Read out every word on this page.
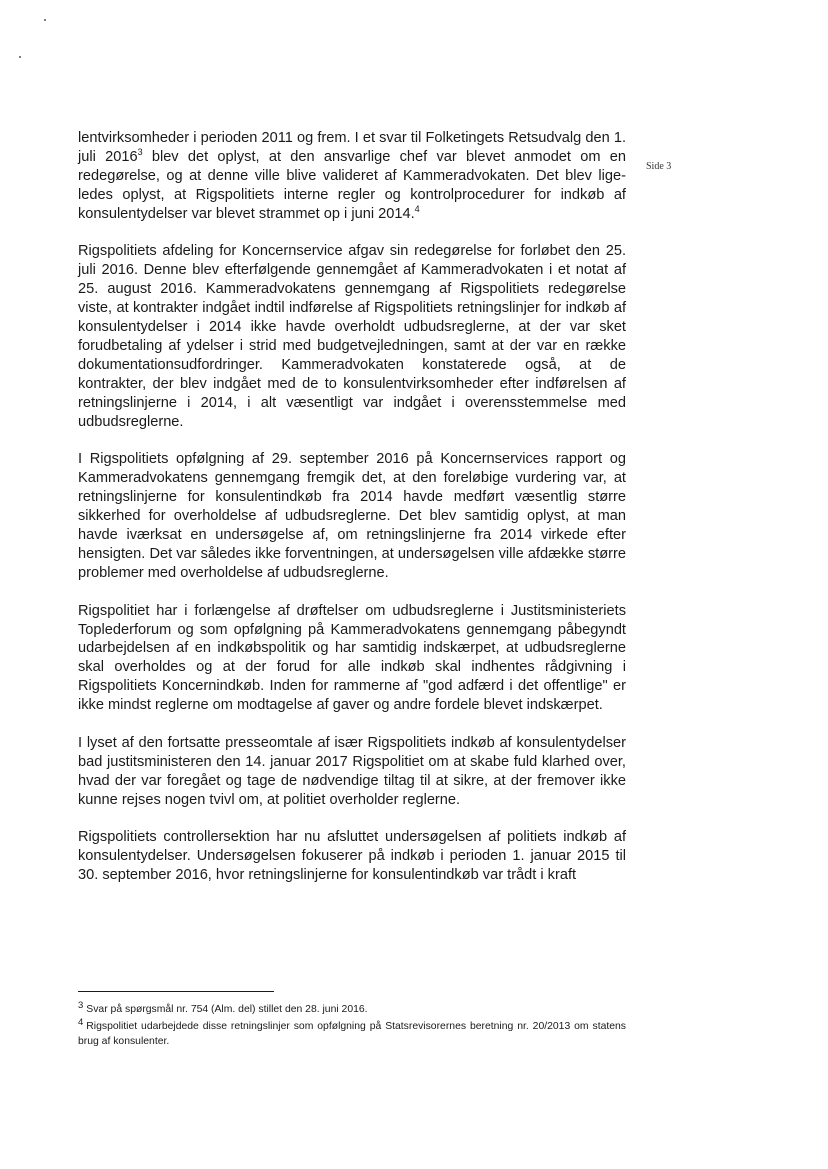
Side 3

lentvirksomheder i perioden 2011 og frem. I et svar til Folketingets Retsudvalg den 1. juli 2016$^3$ blev det oplyst, at den ansvarlige chef var blevet anmodet om en redegørelse, og at denne ville blive valideret af Kammeradvokaten. Det blev ligeledes oplyst, at Rigspolitiets interne regler og kontrolprocedurer for indkøb af konsulentydelser var blevet strammet op i juni 2014.$^4$

Rigspolitiets afdeling for Koncernservice afgav sin redegørelse for forløbet den 25. juli 2016. Denne blev efterfølgende gennemgået af Kammeradvokaten i et notat af 25. august 2016. Kammeradvokatens gennemgang af Rigspolitiets redegørelse viste, at kontrakter indgået indtil indførelse af Rigspolitiets retningslinjer for indkøb af konsulentydelser i 2014 ikke havde overholdt udbudsreglerne, at der var sket forudbetaling af ydelser i strid med budgetvejledningen, samt at der var en række dokumentationsudfordringer. Kammeradvokaten konstaterede også, at de kontrakter, der blev indgået med de to konsulentvirksomheder efter indførelsen af retningslinjerne i 2014, i alt væsentligt var indgået i overensstemmelse med udbudsreglerne.

I Rigspolitiets opfølgning af 29. september 2016 på Koncernservices rapport og Kammeradvokatens gennemgang fremgik det, at den foreløbige vurdering var, at retningslinjerne for konsulentindkøb fra 2014 havde medført væsentlig større sikkerhed for overholdelse af udbudsreglerne. Det blev samtidig oplyst, at man havde iværksat en undersøgelse af, om retningslinjerne fra 2014 virkede efter hensigten. Det var således ikke forventningen, at undersøgelsen ville afdække større problemer med overholdelse af udbudsreglerne.

Rigspolitiet har i forlængelse af drøftelser om udbudsreglerne i Justitsministeriets Toplederforum og som opfølgning på Kammeradvokatens gennemgang påbegyndt udarbejdelsen af en indkøbspolitik og har samtidig indskærpet, at udbudsreglerne skal overholdes og at der forud for alle indkøb skal indhentes rådgivning i Rigspolitiets Koncernindkøb. Inden for rammerne af "god adfærd i det offentlige" er ikke mindst reglerne om modtagelse af gaver og andre fordele blevet indskærpet.

I lyset af den fortsatte presseomtale af især Rigspolitiets indkøb af konsulentydelser bad justitsministeren den 14. januar 2017 Rigspolitiet om at skabe fuld klarhed over, hvad der var foregået og tage de nødvendige tiltag til at sikre, at der fremover ikke kunne rejses nogen tvivl om, at politiet overholder reglerne.

Rigspolitiets controllersektion har nu afsluttet undersøgelsen af politiets indkøb af konsulentydelser. Undersøgelsen fokuserer på indkøb i perioden 1. januar 2015 til 30. september 2016, hvor retningslinjerne for konsulentindkøb var trådt i kraft

3 Svar på spørgsmål nr. 754 (Alm. del) stillet den 28. juni 2016.
4 Rigspolitiet udarbejdede disse retningslinjer som opfølgning på Statsrevisorernes beretning nr. 20/2013 om statens brug af konsulenter.
